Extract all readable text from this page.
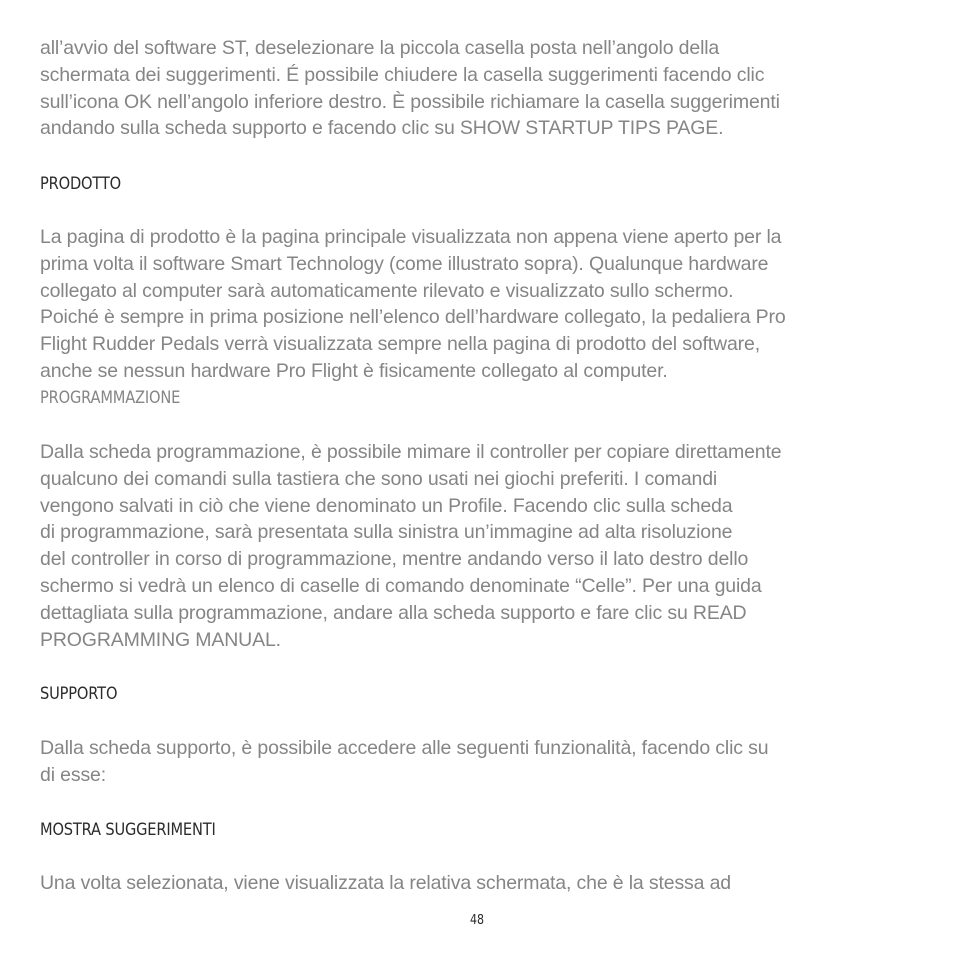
all’avvio del software ST, deselezionare la piccola casella posta nell’angolo della
schermata dei suggerimenti. É possibile chiudere la casella suggerimenti facendo clic
sull’icona OK nell’angolo inferiore destro. È possibile richiamare la casella suggerimenti
andando sulla scheda supporto e facendo clic su SHOW STARTUP TIPS PAGE.

PRODOTTO

La pagina di prodotto è la pagina principale visualizzata non appena viene aperto per la
prima volta il software Smart Technology (come illustrato sopra). Qualunque hardware
collegato al computer sarà automaticamente rilevato e visualizzato sullo schermo.
Poiché è sempre in prima posizione nell’elenco dell’hardware collegato, la pedaliera Pro
Flight Rudder Pedals verrà visualizzata sempre nella pagina di prodotto del software,
anche se nessun hardware Pro Flight è fisicamente collegato al computer.

PROGRAMMAZIONE

Dalla scheda programmazione, è possibile mimare il controller per copiare direttamente
qualcuno dei comandi sulla tastiera che sono usati nei giochi preferiti. I comandi
vengono salvati in ciò che viene denominato un Profile. Facendo clic sulla scheda
di programmazione, sarà presentata sulla sinistra un’immagine ad alta risoluzione
del controller in corso di programmazione, mentre andando verso il lato destro dello
schermo si vedrà un elenco di caselle di comando denominate “Celle”. Per una guida
dettagliata sulla programmazione, andare alla scheda supporto e fare clic su READ
PROGRAMMING MANUAL.

SUPPORTO

Dalla scheda supporto, è possibile accedere alle seguenti funzionalità, facendo clic su
di esse:

MOSTRA SUGGERIMENTI

Una volta selezionata, viene visualizzata la relativa schermata, che è la stessa ad

48
